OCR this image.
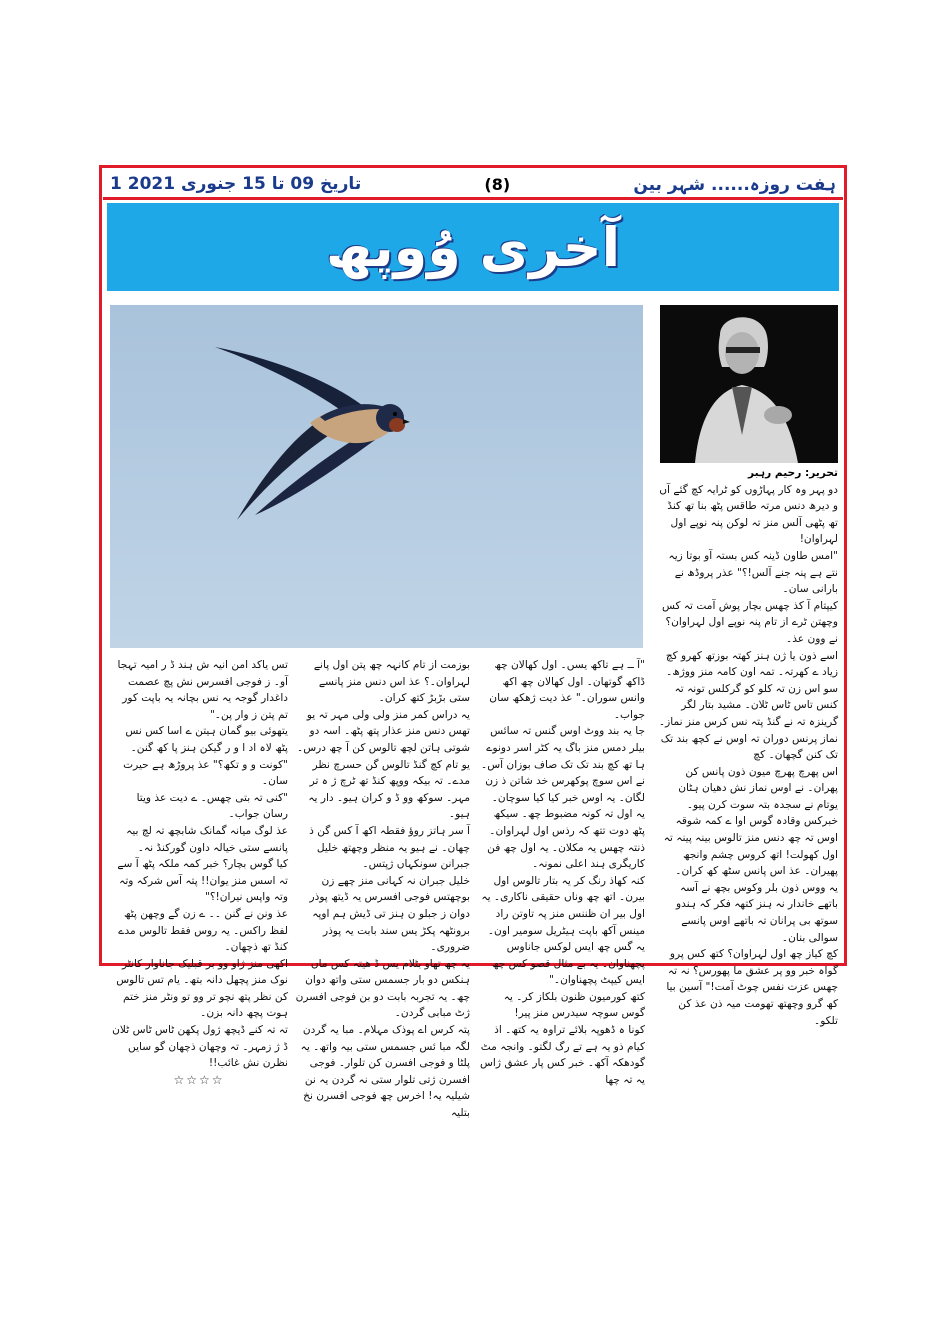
1 تاریخ 09 تا 15 جنوری 2021	(8)	ہفت روزہ...... شہر بین
آخری وُوپھ

تحریر: رحیم رہبر

دو پہر وہ کار پہاڑوں کو ٹرایہ کچ گئے آں و دیرھ دنس مرتہ طاقس پٹھ بنا تھ کنڈ تھ پٹھی آلس منز تہ لوکن پنہ نوپے اول لہراوان!

"امس طاون ڈینہ کس بستہ آو بوتا زیہ نتے ہے پنہ جنے آلس!؟" عذر پروڈھ نے بارانی سان۔

کیپتام آ کذ چھس بچار پوش آمت تہ کس وچھتن ٹرے از تام پنہ نوپے اول لہراوان؟

نے وون عذ۔

اسے ذون یا ژن ہنز کھتہ بوزتھ کھرو کچ زیاد ے کھرتہ۔ تمہ اون کامہ منز ووژھ۔

سو اس زن تہ کلو کو گرکلس تونہ تہ کنس تاس ٹاس ٹلان۔ مشید بتار لگر گرینزہ تہ نے گنڈ پتہ نس کرس منز نماز۔ نماز پرنس دوران تہ اوس نے کچھ بند تک تک کنن گچھان۔ کچ

اس پھرچ پھرچ میون ذون پانس کن پھران۔ نے اوس نماز نش دھیان ہٹان یوتام نے سجدہ بتہ سوت کرن پیو۔

خبرکس وقادہ گوس اوا ے کمہ شوقہ اوس تہ چھ دنس منز تالوس بینہ پینہ تہ اول کھولت! اتھ کروس چشم وانجھ پھیران۔ عذ اس پانس سٹھ کھ کران۔

یہ ووس ذون بلر وکوس بچھ نے آسہ باتھے خاندار نہ ہنز کتھہ فکر کہ ہندو سوتھ بی پرانان تہ باتھے اوس پانسے سوالی بنان۔

کچ کیاز چھ اول لہراوان؟ کتھ کس پرو گواہ خبر وو پر عشق ما پھورس؟ نہ تہ چھس عزت نفس چوٹ آمت!" آسین بیا کھ گرو وچھتھ تھومت میہ ذن عذ کن تلکو۔

"آ ــ ہے تاکھ یسں۔ اول کھالان چھ ڈاکھ گوتھان۔ اول کھالان چھ اکھ وانس سوران۔" عذ دیت ژھکھ سان جواب۔

جا یہ بند ووٹ اوس گنس تہ سائس بیلر دمس منز باگ یہ کٹر اسر دونوے ہا تھ کچ بند تک تک صاف بوزان آس۔ نے اس سوچ پوکھرس خد شاتن ذ زن لگان۔ یہ اوس خبر کیا کیا سوچان۔

یہ اول تہ کونہ مضبوط چھ۔ سیکھ پٹھ دوت تتھ کہ رذس اول لہراوان۔ ذنتہ چھس یہ مکلان۔ یہ اول چھ فن کاریگری ہند اعلی نمونہ۔

کنہ کھاذ رنگ کر یہ بتار تالوس اول بیرن۔ اتھ چھ وناں حقیقی ناکاری۔ یہ اول بیر ان ظننس منز پہ تاوتن راد مینس آکھ باپت ہیٹریل سومیر اون۔

یہ گس چھ ایس لوکس جاناوس پچھناوان۔ یہ بے مثال قصو کس چھ ایس کیپٹ پچھناوان۔"

کتھ کورمیون ظنون بلکاز کر۔ یہ گوس سوچہ سیدرس منز پیر!

کونا ہ ڈھوپہ بلائے تراوہ یہ کتھ۔ اذ کیام ذو یہ ہے تے رگ لگتو۔ وانجہ مٹ گودھکہ آکھ۔ خبر کس پار عشق ژاس یہ تہ چھا

بوزمت از تام کانہہ چھ پتن اول پانے لہراوان۔؟ عذ اس دنس منز پانسے ستی بڑبڑ کتھ کران۔

یہ دراس کمر منز ولی ولی مہر تہ یو تھس دنس منز عذار پتھ پٹھ۔ اسہ دو شوتی ہاتن لچھ تالوس کن آ چھ درس۔

یو تام کچ گنڈ تالوس گن حسرچ نظر مدے۔ تہ بیکہ ووپھ کنڈ تھ ٹرچ ژ ہ تر مہر۔ سوکھ وو ڈ و کران ہیو۔ دار یہ ہیو۔

آ سر ہاتز روؤ فقطہ اکھ آ کس گن ذ چھان۔ نے ہیو یہ منظر وچھتھ خلیل جبرانن سونکہاں ژپتس۔

خلیل جبران نہ کہانی منز چھے زن بوچھتس فوجی افسرس یہ ڈیتھ پوذر دوان ز جبلو ن ہنز تی ڈیش ہم اوپہ برونٹھہ پکڑ یس سند بابت یہ پوذر ضروری۔

یہ چھ تھاو بٹلام یس ڈ ھیتہ کس ماں ہنکس دو بار جسمس ستی واتھ دوان چھ۔ یہ تجربہ بابت دو بن فوجی افسرن ژٹ مبابی گردن۔

پتہ کرس اے پوذک مہلام۔ مبا یہ گردن لگہ مبا ئس جسمس ستی بیہ واتھ۔ یہ پلٹا و فوجی افسرن کن تلوار۔ فوجی افسرن ژتی تلوار ستی نہ گردن یہ نن شیلیہ یہ! اخرس چھ فوجی افسرن نخ بتلیہ

تس یاکد امن انیہ ش ہند ڈ ر امیہ تہجا آو۔ ز فوجی افسرس نش پچ عصمت داغدار گوجہ یہ نس بچانہ یہ باپت کور تم پتن ز وار پن۔"

یتھوئی بیو گمان ہیتن ے اسا کس نس پٹھ لاہ اد ا و ر گیکن ہنز پا کھ گنن۔

"کونت و و تکھ؟" عذ پروڑھ ہے حیرت سان۔

"کنی تہ بتی چھس۔ ے دیت عذ ویتا رسان جواب۔

عذ لوگ میانہ گمانک شابچھ تہ لچ بیہ پانسے ستی خیالہ داون گورکنڈ نہ۔

کیا گوس بچار؟ خبر کمہ ملکہ پٹھ آ سے تہ اسس منز یوان!! پتہ آس شرکہ وتہ وتہ واپس نیران!؟"

عذ ونن نے گنن ۔۔ ے زن گے وچھن پٹھ لفظ راکس۔ یہ روس فقط تالوس مدے کنڈ تھ ذچھان۔

اکھی منز ژاو وو بر قبلیک جاناوار کانٹر نوک منز پچھل دانہ بتھ۔ یام تس تالوس کن نظر پتھ نچو تر وو تو ونٹر منز ختم ہوت پچھ دانہ بزن۔

تہ تہ کنے ڈیچھ ژول پکھن ٹاس ٹاس ٹلان ڈ ژ زمہر۔ تہ وچھان ذچھان گو سایں نظرن نش غائب!!

☆☆☆☆
